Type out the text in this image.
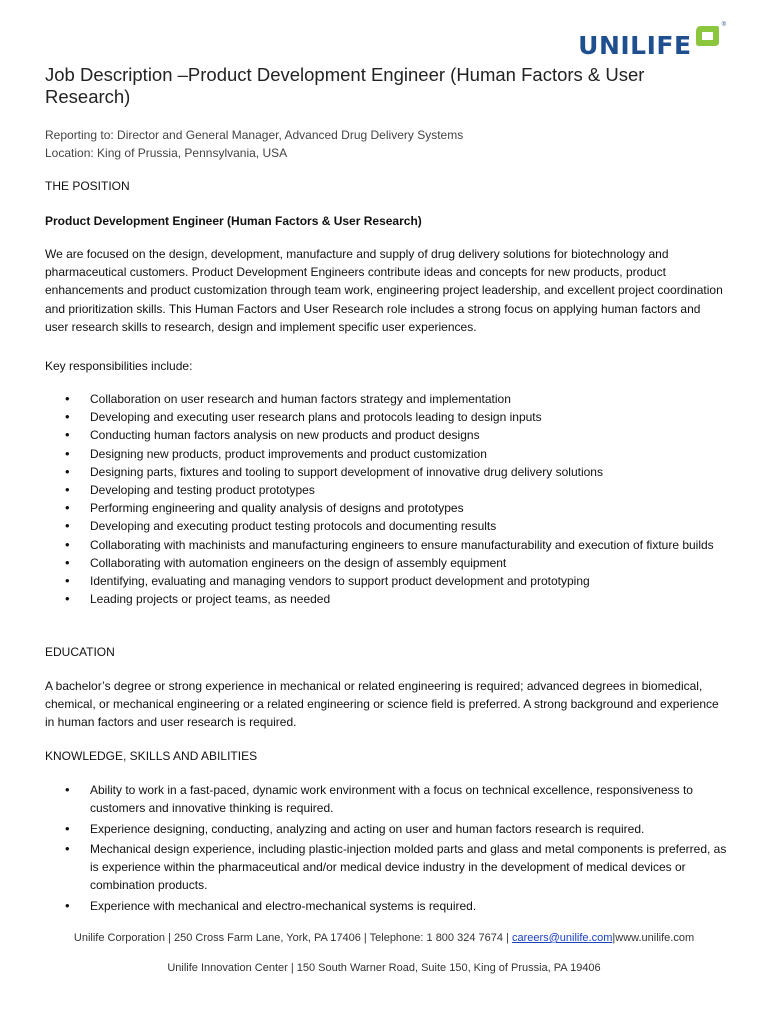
UNILIFE
®
Job Description –Product Development Engineer (Human Factors & User Research)

Reporting to: Director and General Manager, Advanced Drug Delivery Systems

Location: King of Prussia, Pennsylvania, USA

THE POSITION

Product Development Engineer (Human Factors & User Research)

We are focused on the design, development, manufacture and supply of drug delivery solutions for biotechnology and pharmaceutical customers. Product Development Engineers contribute ideas and concepts for new products, product enhancements and product customization through team work, engineering project leadership, and excellent project coordination and prioritization skills. This Human Factors and User Research role includes a strong focus on applying human factors and user research skills to research, design and implement specific user experiences.

Key responsibilities include:

• Collaboration on user research and human factors strategy and implementation
• Developing and executing user research plans and protocols leading to design inputs
• Conducting human factors analysis on new products and product designs
• Designing new products, product improvements and product customization
• Designing parts, fixtures and tooling to support development of innovative drug delivery solutions
• Developing and testing product prototypes
• Performing engineering and quality analysis of designs and prototypes
• Developing and executing product testing protocols and documenting results
• Collaborating with machinists and manufacturing engineers to ensure manufacturability and execution of fixture builds
• Collaborating with automation engineers on the design of assembly equipment
• Identifying, evaluating and managing vendors to support product development and prototyping
• Leading projects or project teams, as needed

EDUCATION

A bachelor’s degree or strong experience in mechanical or related engineering is required; advanced degrees in biomedical, chemical, or mechanical engineering or a related engineering or science field is preferred. A strong background and experience in human factors and user research is required.

KNOWLEDGE, SKILLS AND ABILITIES

• Ability to work in a fast-paced, dynamic work environment with a focus on technical excellence, responsiveness to customers and innovative thinking is required.
• Experience designing, conducting, analyzing and acting on user and human factors research is required.
• Mechanical design experience, including plastic-injection molded parts and glass and metal components is preferred, as is experience within the pharmaceutical and/or medical device industry in the development of medical devices or combination products.
• Experience with mechanical and electro-mechanical systems is required.
Unilife Corporation | 250 Cross Farm Lane, York, PA 17406 | Telephone: 1 800 324 7674 | careers@unilife.com|www.unilife.com
Unilife Innovation Center | 150 South Warner Road, Suite 150, King of Prussia, PA 19406
